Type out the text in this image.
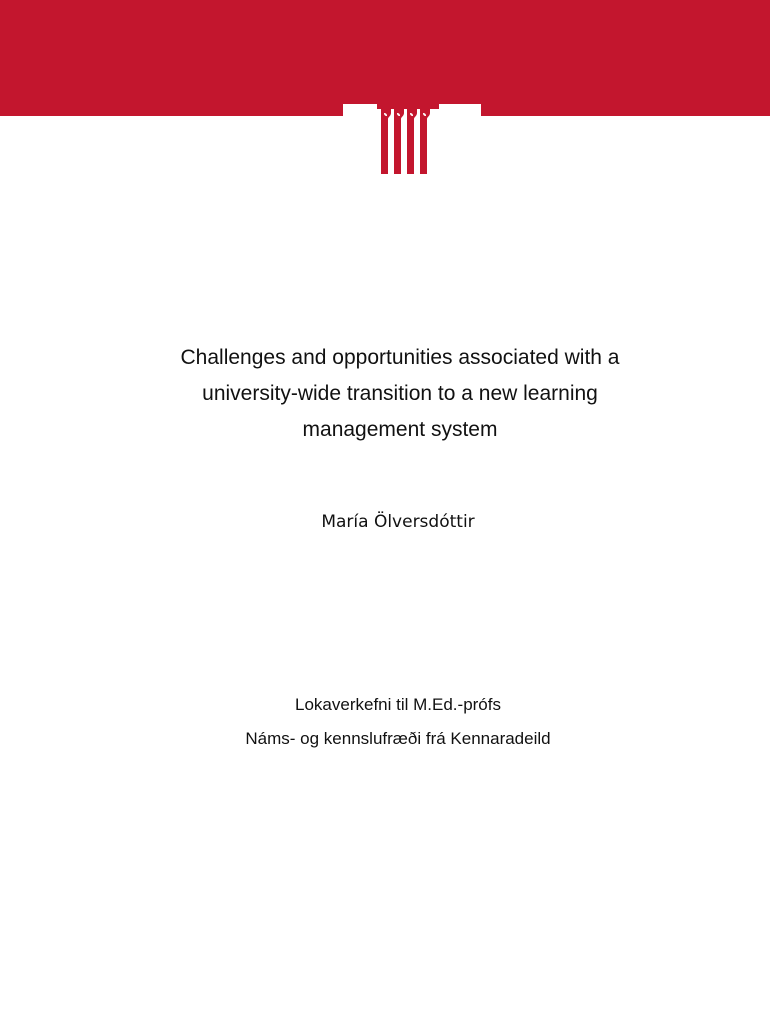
Challenges and opportunities associated with a
university-wide transition to a new learning
management system
María Ölversdóttir
Lokaverkefni til M.Ed.-prófs
Náms- og kennslufræði frá Kennaradeild
